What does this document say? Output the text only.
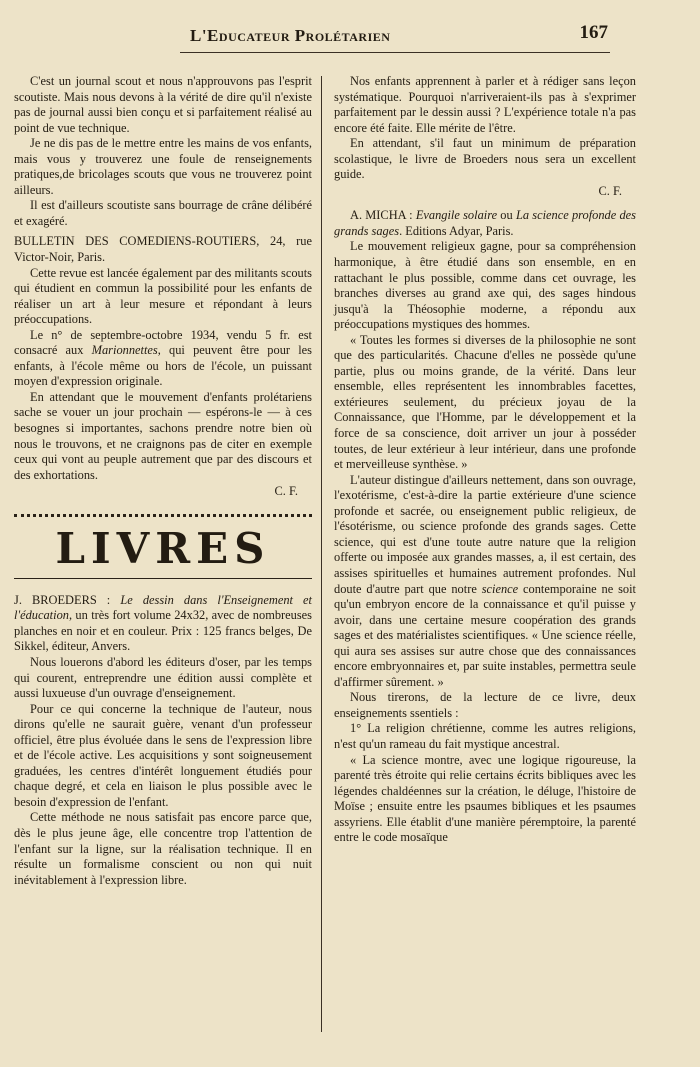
L'Educateur Prolétarien	167

C'est un journal scout et nous n'approuvons pas l'esprit scoutiste. Mais nous devons à la vérité de dire qu'il n'existe pas de journal aussi bien conçu et si parfaitement réalisé au point de vue technique.

Je ne dis pas de le mettre entre les mains de vos enfants, mais vous y trouverez une foule de renseignements pratiques,de bricolages scouts que vous ne trouverez point ailleurs.

Il est d'ailleurs scoutiste sans bourrage de crâne délibéré et exagéré.

BULLETIN DES COMEDIENS-ROUTIERS, 24, rue Victor-Noir, Paris.

Cette revue est lancée également par des militants scouts qui étudient en commun la possibilité pour les enfants de réaliser un art à leur mesure et répondant à leurs préoccupations.

Le n° de septembre-octobre 1934, vendu 5 fr. est consacré aux Marionnettes, qui peuvent être pour les enfants, à l'école même ou hors de l'école, un puissant moyen d'expression originale.

En attendant que le mouvement d'enfants prolétariens sache se vouer un jour prochain — espérons-le — à ces besognes si importantes, sachons prendre notre bien où nous le trouvons, et ne craignons pas de citer en exemple ceux qui vont au peuple autrement que par des discours et des exhortations.

C. F.
LIVRES

J. BROEDERS : Le dessin dans l'Enseignement et l'éducation, un très fort volume 24x32, avec de nombreuses planches en noir et en couleur. Prix : 125 francs belges, De Sikkel, éditeur, Anvers.

Nous louerons d'abord les éditeurs d'oser, par les temps qui courent, entreprendre une édition aussi complète et aussi luxueuse d'un ouvrage d'enseignement.

Pour ce qui concerne la technique de l'auteur, nous dirons qu'elle ne saurait guère, venant d'un professeur officiel, être plus évoluée dans le sens de l'expression libre et de l'école active. Les acquisitions y sont soigneusement graduées, les centres d'intérêt longuement étudiés pour chaque degré, et cela en liaison le plus possible avec le besoin d'expression de l'enfant.

Cette méthode ne nous satisfait pas encore parce que, dès le plus jeune âge, elle concentre trop l'attention de l'enfant sur la ligne, sur la réalisation technique. Il en résulte un formalisme conscient ou non qui nuit inévitablement à l'expression libre.

Nos enfants apprennent à parler et à rédiger sans leçon systématique. Pourquoi n'arriveraient-ils pas à s'exprimer parfaitement par le dessin aussi ? L'expérience totale n'a pas encore été faite. Elle mérite de l'être.

En attendant, s'il faut un minimum de préparation scolastique, le livre de Broeders nous sera un excellent guide.

C. F.

A. MICHA : Evangile solaire ou La science profonde des grands sages. Editions Adyar, Paris.

Le mouvement religieux gagne, pour sa compréhension harmonique, à être étudié dans son ensemble, en en rattachant le plus possible, comme dans cet ouvrage, les branches diverses au grand axe qui, des sages hindous jusqu'à la Théosophie moderne, a répondu aux préoccupations mystiques des hommes.

« Toutes les formes si diverses de la philosophie ne sont que des particularités. Chacune d'elles ne possède qu'une partie, plus ou moins grande, de la vérité. Dans leur ensemble, elles représentent les innombrables facettes, extérieures seulement, du précieux joyau de la Connaissance, que l'Homme, par le développement et la force de sa conscience, doit arriver un jour à posséder toutes, de leur extérieur à leur intérieur, dans une profonde et merveilleuse synthèse. »

L'auteur distingue d'ailleurs nettement, dans son ouvrage, l'exotérisme, c'est-à-dire la partie extérieure d'une science profonde et sacrée, ou enseignement public religieux, de l'ésotérisme, ou science profonde des grands sages. Cette science, qui est d'une toute autre nature que la religion offerte ou imposée aux grandes masses, a, il est certain, des assises spirituelles et humaines autrement profondes. Nul doute d'autre part que notre science contemporaine ne soit qu'un embryon encore de la connaissance et qu'il puisse y avoir, dans une certaine mesure coopération des grands sages et des matérialistes scientifiques. « Une science réelle, qui aura ses assises sur autre chose que des connaissances encore embryonnaires et, par suite instables, permettra seule d'affirmer sûrement. »

Nous tirerons, de la lecture de ce livre, deux enseignements ssentiels :

1° La religion chrétienne, comme les autres religions, n'est qu'un rameau du fait mystique ancestral.

« La science montre, avec une logique rigoureuse, la parenté très étroite qui relie certains écrits bibliques avec les légendes chaldéennes sur la création, le déluge, l'histoire de Moïse ; ensuite entre les psaumes bibliques et les psaumes assyriens. Elle établit d'une manière péremptoire, la parenté entre le code mosaïque
